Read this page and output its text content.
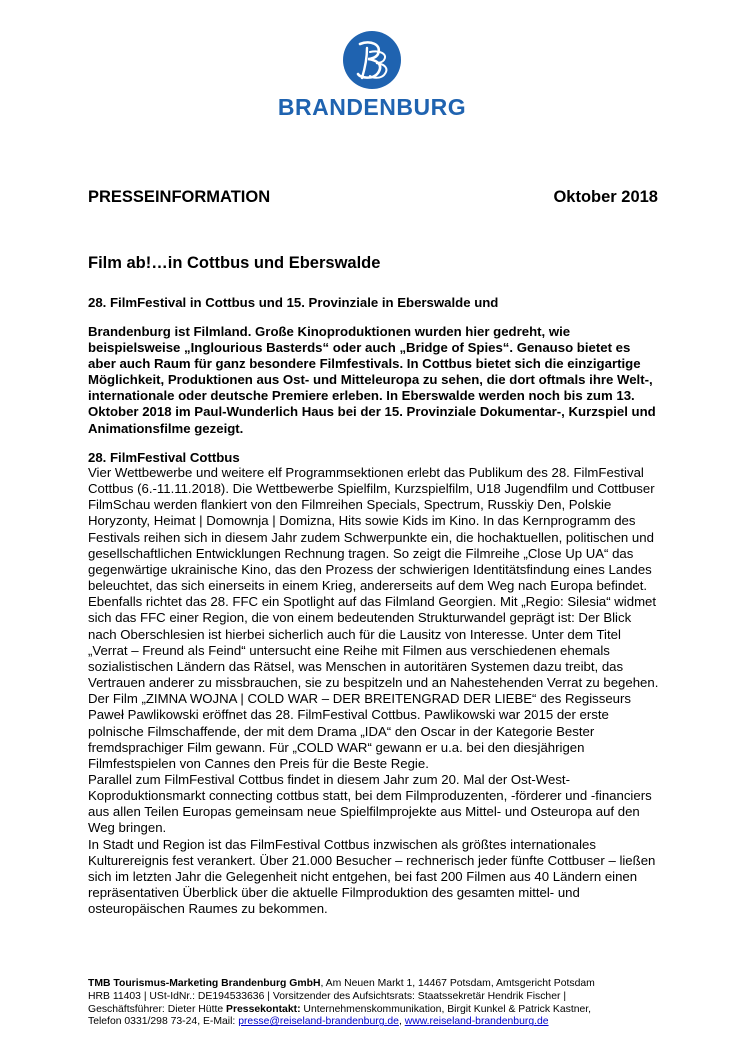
BRANDENBURG
PRESSEINFORMATION	Oktober 2018
Film ab!…in Cottbus und Eberswalde
28. FilmFestival in Cottbus und 15. Provinziale in Eberswalde und
Brandenburg ist Filmland. Große Kinoproduktionen wurden hier gedreht, wie beispielsweise „Inglourious Basterds“ oder auch „Bridge of Spies“. Genauso bietet es aber auch Raum für ganz besondere Filmfestivals. In Cottbus bietet sich die einzigartige Möglichkeit, Produktionen aus Ost- und Mitteleuropa zu sehen, die dort oftmals ihre Welt-, internationale oder deutsche Premiere erleben. In Eberswalde werden noch bis zum 13. Oktober 2018 im Paul-Wunderlich Haus bei der 15. Provinziale Dokumentar-, Kurzspiel und Animationsfilme gezeigt.
28. FilmFestival Cottbus

Vier Wettbewerbe und weitere elf Programmsektionen erlebt das Publikum des 28. FilmFestival Cottbus (6.-11.11.2018). Die Wettbewerbe Spielfilm, Kurzspielfilm, U18 Jugendfilm und Cottbuser FilmSchau werden flankiert von den Filmreihen Specials, Spectrum, Russkiy Den, Polskie Horyzonty, Heimat | Domownja | Domizna, Hits sowie Kids im Kino. In das Kernprogramm des Festivals reihen sich in diesem Jahr zudem Schwerpunkte ein, die hochaktuellen, politischen und gesellschaftlichen Entwicklungen Rechnung tragen. So zeigt die Filmreihe „Close Up UA“ das gegenwärtige ukrainische Kino, das den Prozess der schwierigen Identitätsfindung eines Landes beleuchtet, das sich einerseits in einem Krieg, andererseits auf dem Weg nach Europa befindet. Ebenfalls richtet das 28. FFC ein Spotlight auf das Filmland Georgien. Mit „Regio: Silesia“ widmet sich das FFC einer Region, die von einem bedeutenden Strukturwandel geprägt ist: Der Blick nach Oberschlesien ist hierbei sicherlich auch für die Lausitz von Interesse. Unter dem Titel „Verrat – Freund als Feind“ untersucht eine Reihe mit Filmen aus verschiedenen ehemals sozialistischen Ländern das Rätsel, was Menschen in autoritären Systemen dazu treibt, das Vertrauen anderer zu missbrauchen, sie zu bespitzeln und an Nahestehenden Verrat zu begehen.

Der Film „ZIMNA WOJNA | COLD WAR – DER BREITENGRAD DER LIEBE“ des Regisseurs Paweł Pawlikowski eröffnet das 28. FilmFestival Cottbus. Pawlikowski war 2015 der erste polnische Filmschaffende, der mit dem Drama „IDA“ den Oscar in der Kategorie Bester fremdsprachiger Film gewann. Für „COLD WAR“ gewann er u.a. bei den diesjährigen Filmfestspielen von Cannes den Preis für die Beste Regie.

Parallel zum FilmFestival Cottbus findet in diesem Jahr zum 20. Mal der Ost-West-Koproduktionsmarkt connecting cottbus statt, bei dem Filmproduzenten, -förderer und -financiers aus allen Teilen Europas gemeinsam neue Spielfilmprojekte aus Mittel- und Osteuropa auf den Weg bringen.

In Stadt und Region ist das FilmFestival Cottbus inzwischen als größtes internationales Kulturereignis fest verankert. Über 21.000 Besucher – rechnerisch jeder fünfte Cottbuser – ließen sich im letzten Jahr die Gelegenheit nicht entgehen, bei fast 200 Filmen aus 40 Ländern einen repräsentativen Überblick über die aktuelle Filmproduktion des gesamten mittel- und osteuropäischen Raumes zu bekommen.

TMB Tourismus-Marketing Brandenburg GmbH, Am Neuen Markt 1, 14467 Potsdam, Amtsgericht Potsdam
HRB 11403 | USt-IdNr.: DE194533636 | Vorsitzender des Aufsichtsrats: Staatssekretär Hendrik Fischer |
Geschäftsführer: Dieter Hütte Pressekontakt: Unternehmenskommunikation, Birgit Kunkel & Patrick Kastner,
Telefon 0331/298 73-24, E-Mail: presse@reiseland-brandenburg.de, www.reiseland-brandenburg.de
